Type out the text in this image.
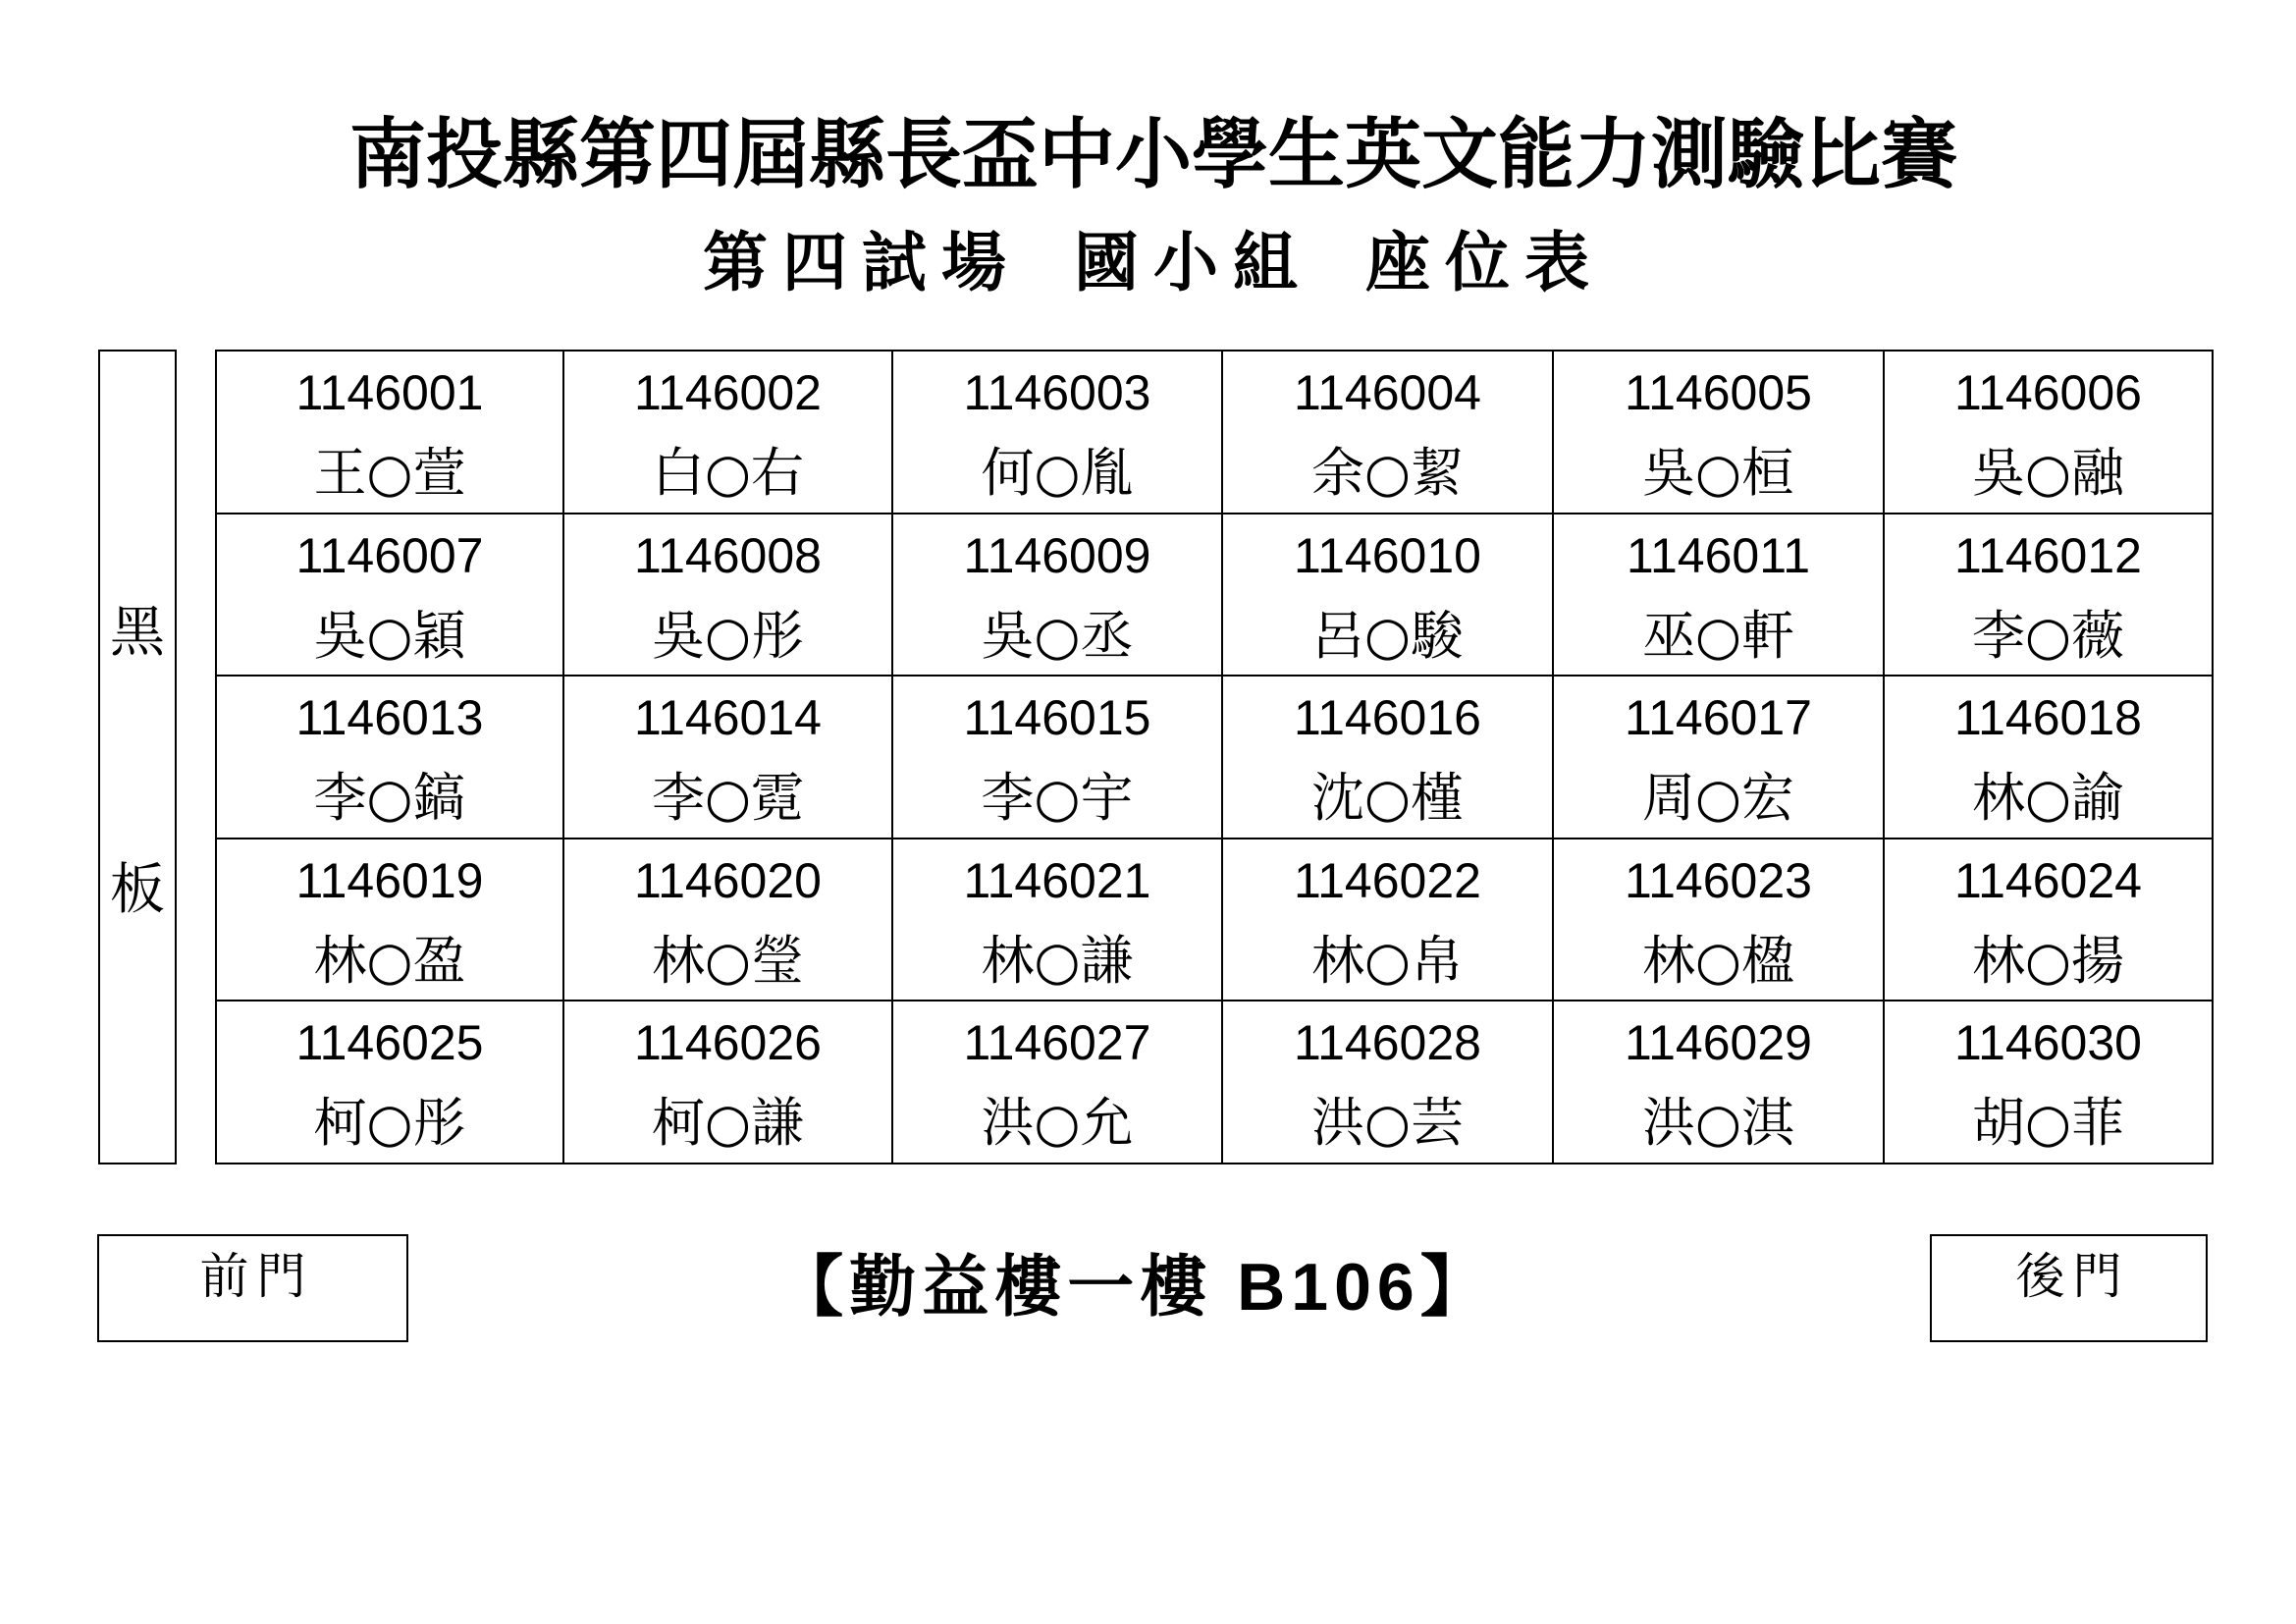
南投縣第四屆縣長盃中小學生英文能力測驗比賽
第四試場 國小組 座位表
黑
板
1146001
王○萱
1146002
白○右
1146003
何○胤
1146004
余○絜
1146005
吳○桓
1146006
吳○融
1146007
吳○穎
1146008
吳○彤
1146009
吳○丞
1146010
呂○駿
1146011
巫○軒
1146012
李○薇
1146013
李○鎬
1146014
李○霓
1146015
李○宇
1146016
沈○槿
1146017
周○宏
1146018
林○諭
1146019
林○盈
1146020
林○瑩
1146021
林○謙
1146022
林○帛
1146023
林○楹
1146024
林○揚
1146025
柯○彤
1146026
柯○謙
1146027
洪○允
1146028
洪○芸
1146029
洪○淇
1146030
胡○菲
前門	【勤益樓一樓 B106】	後門
